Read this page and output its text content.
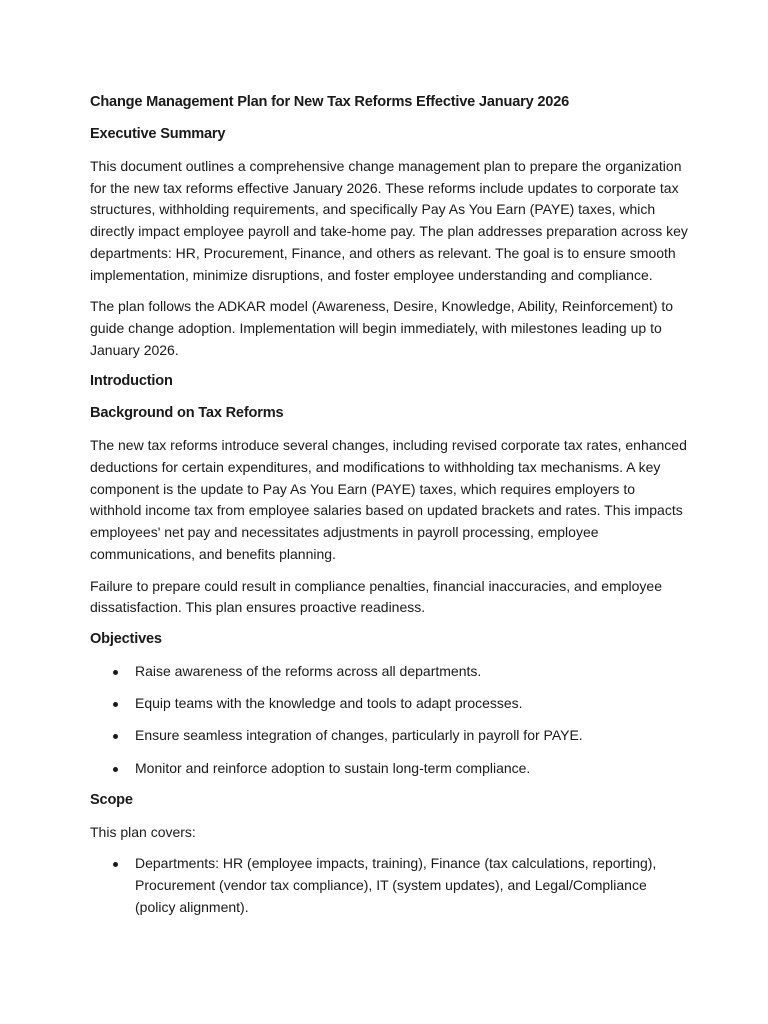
Change Management Plan for New Tax Reforms Effective January 2026
Executive Summary

This document outlines a comprehensive change management plan to prepare the organization for the new tax reforms effective January 2026. These reforms include updates to corporate tax structures, withholding requirements, and specifically Pay As You Earn (PAYE) taxes, which directly impact employee payroll and take-home pay. The plan addresses preparation across key departments: HR, Procurement, Finance, and others as relevant. The goal is to ensure smooth implementation, minimize disruptions, and foster employee understanding and compliance.

The plan follows the ADKAR model (Awareness, Desire, Knowledge, Ability, Reinforcement) to guide change adoption. Implementation will begin immediately, with milestones leading up to January 2026.

Introduction
Background on Tax Reforms

The new tax reforms introduce several changes, including revised corporate tax rates, enhanced deductions for certain expenditures, and modifications to withholding tax mechanisms. A key component is the update to Pay As You Earn (PAYE) taxes, which requires employers to withhold income tax from employee salaries based on updated brackets and rates. This impacts employees' net pay and necessitates adjustments in payroll processing, employee communications, and benefits planning.

Failure to prepare could result in compliance penalties, financial inaccuracies, and employee dissatisfaction. This plan ensures proactive readiness.

Objectives
Raise awareness of the reforms across all departments.
Equip teams with the knowledge and tools to adapt processes.
Ensure seamless integration of changes, particularly in payroll for PAYE.
Monitor and reinforce adoption to sustain long-term compliance.
Scope

This plan covers:

Departments: HR (employee impacts, training), Finance (tax calculations, reporting), Procurement (vendor tax compliance), IT (system updates), and Legal/Compliance (policy alignment).
